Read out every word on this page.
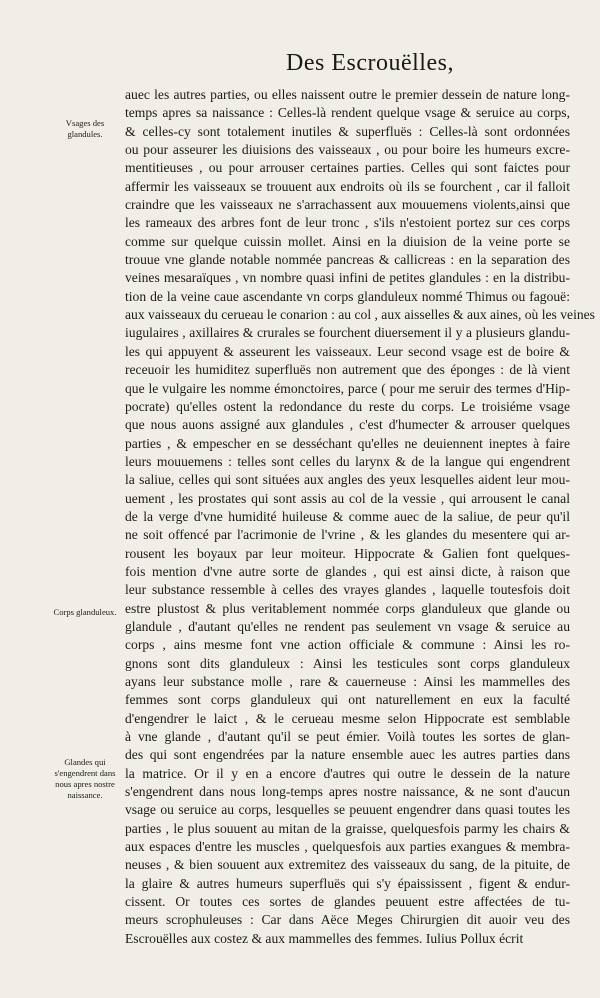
Des Escrouëlles,
Vsages des glandules.
Corps glanduleux.
Glandes qui s'engendrent dans nous apres nostre naissance.
auec les autres parties, ou elles naissent outre le premier dessein de nature long-
temps apres sa naissance : Celles-là rendent quelque vsage & seruice au corps,
& celles-cy sont totalement inutiles & superfluës : Celles-là sont ordonnées
ou pour asseurer les diuisions des vaisseaux , ou pour boire les humeurs excre-
mentitieuses , ou pour arrouser certaines parties. Celles qui sont faictes pour
affermir les vaisseaux se trouuent aux endroits où ils se fourchent , car il falloit
craindre que les vaisseaux ne s'arrachassent aux mouuemens violents,ainsi que
les rameaux des arbres font de leur tronc , s'ils n'estoient portez sur ces corps
comme sur quelque cuissin mollet. Ainsi en la diuision de la veine porte se
trouue vne glande notable nommée pancreas & callicreas : en la separation des
veines mesaraïques , vn nombre quasi infini de petites glandules : en la distribu-
tion de la veine caue ascendante vn corps glanduleux nommé Thimus ou fagouë:
aux vaisseaux du cerueau le conarion : au col , aux aisselles & aux aines, où les veines
iugulaires , axillaires & crurales se fourchent diuersement il y a plusieurs glandu-
les qui appuyent & asseurent les vaisseaux. Leur second vsage est de boire &
receuoir les humiditez superfluës non autrement que des éponges : de là vient
que le vulgaire les nomme émonctoires, parce ( pour me seruir des termes d'Hip-
pocrate) qu'elles ostent la redondance du reste du corps. Le troisiéme vsage
que nous auons assigné aux glandules , c'est d'humecter & arrouser quelques
parties , & empescher en se desséchant qu'elles ne deuiennent ineptes à faire
leurs mouuemens : telles sont celles du larynx & de la langue qui engendrent
la saliue, celles qui sont situées aux angles des yeux lesquelles aident leur mou-
uement , les prostates qui sont assis au col de la vessie , qui arrousent le canal
de la verge d'vne humidité huileuse & comme auec de la saliue, de peur qu'il
ne soit offencé par l'acrimonie de l'vrine , & les glandes du mesentere qui ar-
rousent les boyaux par leur moiteur. Hippocrate & Galien font quelques-
fois mention d'vne autre sorte de glandes , qui est ainsi dicte, à raison que
leur substance ressemble à celles des vrayes glandes , laquelle toutesfois doit
estre plustost & plus veritablement nommée corps glanduleux que glande ou
glandule , d'autant qu'elles ne rendent pas seulement vn vsage & seruice au
corps , ains mesme font vne action officiale & commune : Ainsi les ro-
gnons sont dits glanduleux : Ainsi les testicules sont corps glanduleux
ayans leur substance molle , rare & cauerneuse : Ainsi les mammelles des
femmes sont corps glanduleux qui ont naturellement en eux la faculté
d'engendrer le laict , & le cerueau mesme selon Hippocrate est semblable
à vne glande , d'autant qu'il se peut émier. Voilà toutes les sortes de glan-
des qui sont engendrées par la nature ensemble auec les autres parties dans
la matrice. Or il y en a encore d'autres qui outre le dessein de la nature
s'engendrent dans nous long-temps apres nostre naissance, & ne sont d'aucun
vsage ou seruice au corps, lesquelles se peuuent engendrer dans quasi toutes les
parties , le plus souuent au mitan de la graisse, quelquesfois parmy les chairs &
aux espaces d'entre les muscles , quelquesfois aux parties exangues & membra-
neuses , & bien souuent aux extremitez des vaisseaux du sang, de la pituite, de
la glaire & autres humeurs superfluës qui s'y épaississent , figent & endur-
cissent. Or toutes ces sortes de glandes peuuent estre affectées de tu-
meurs scrophuleuses : Car dans Aëce Meges Chirurgien dit auoir veu des
Escrouëlles aux costez & aux mammelles des femmes. Iulius Pollux écrit
